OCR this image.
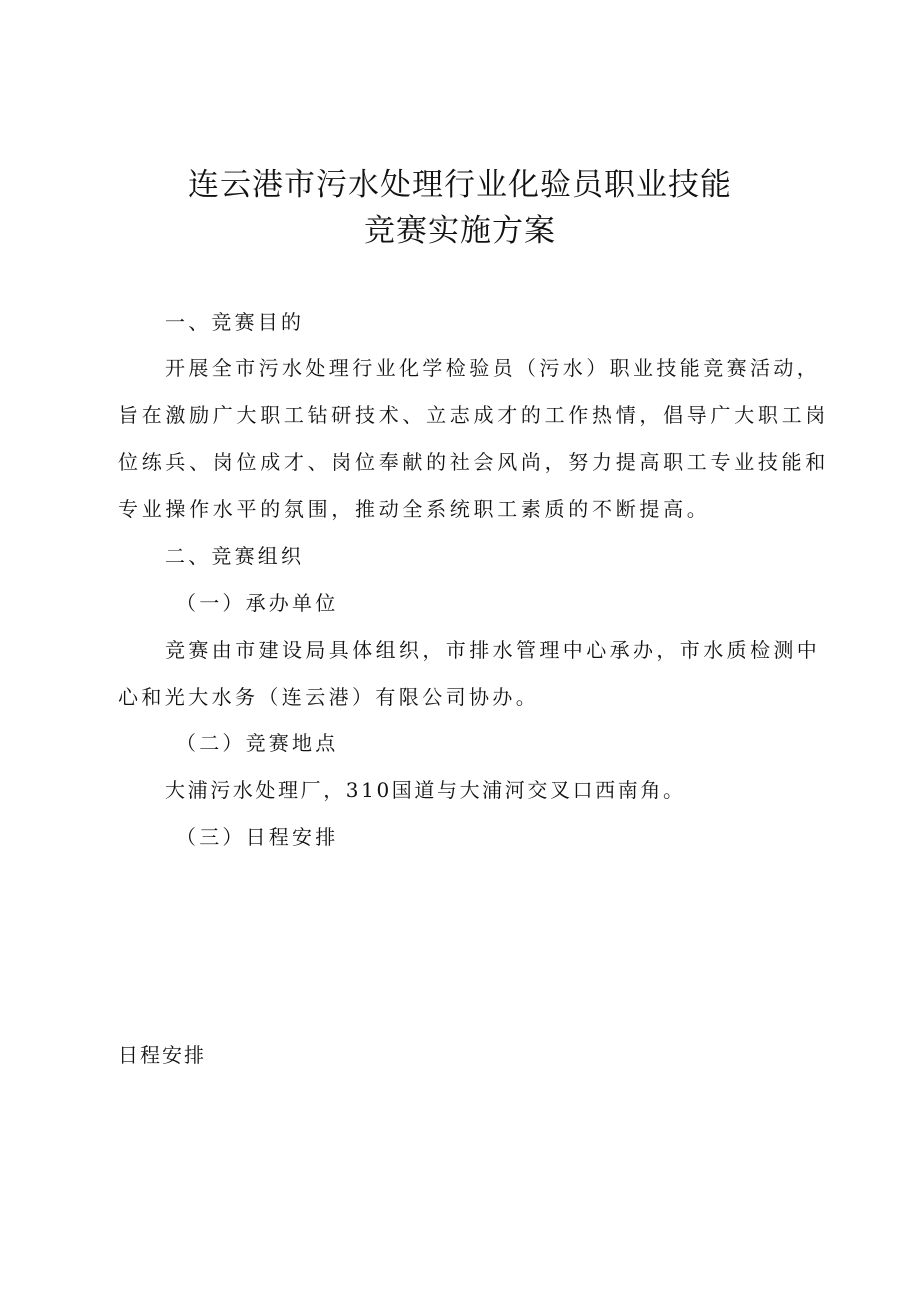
连云港市污水处理行业化验员职业技能
竞赛实施方案
一、竞赛目的
开展全市污水处理行业化学检验员（污水）职业技能竞赛活动，
旨在激励广大职工钻研技术、立志成才的工作热情，倡导广大职工岗
位练兵、岗位成才、岗位奉献的社会风尚，努力提高职工专业技能和
专业操作水平的氛围，推动全系统职工素质的不断提高。
二、竞赛组织
（一）承办单位
竞赛由市建设局具体组织，市排水管理中心承办，市水质检测中
心和光大水务（连云港）有限公司协办。
（二）竞赛地点
大浦污水处理厂，310国道与大浦河交叉口西南角。
（三）日程安排
日程安排
